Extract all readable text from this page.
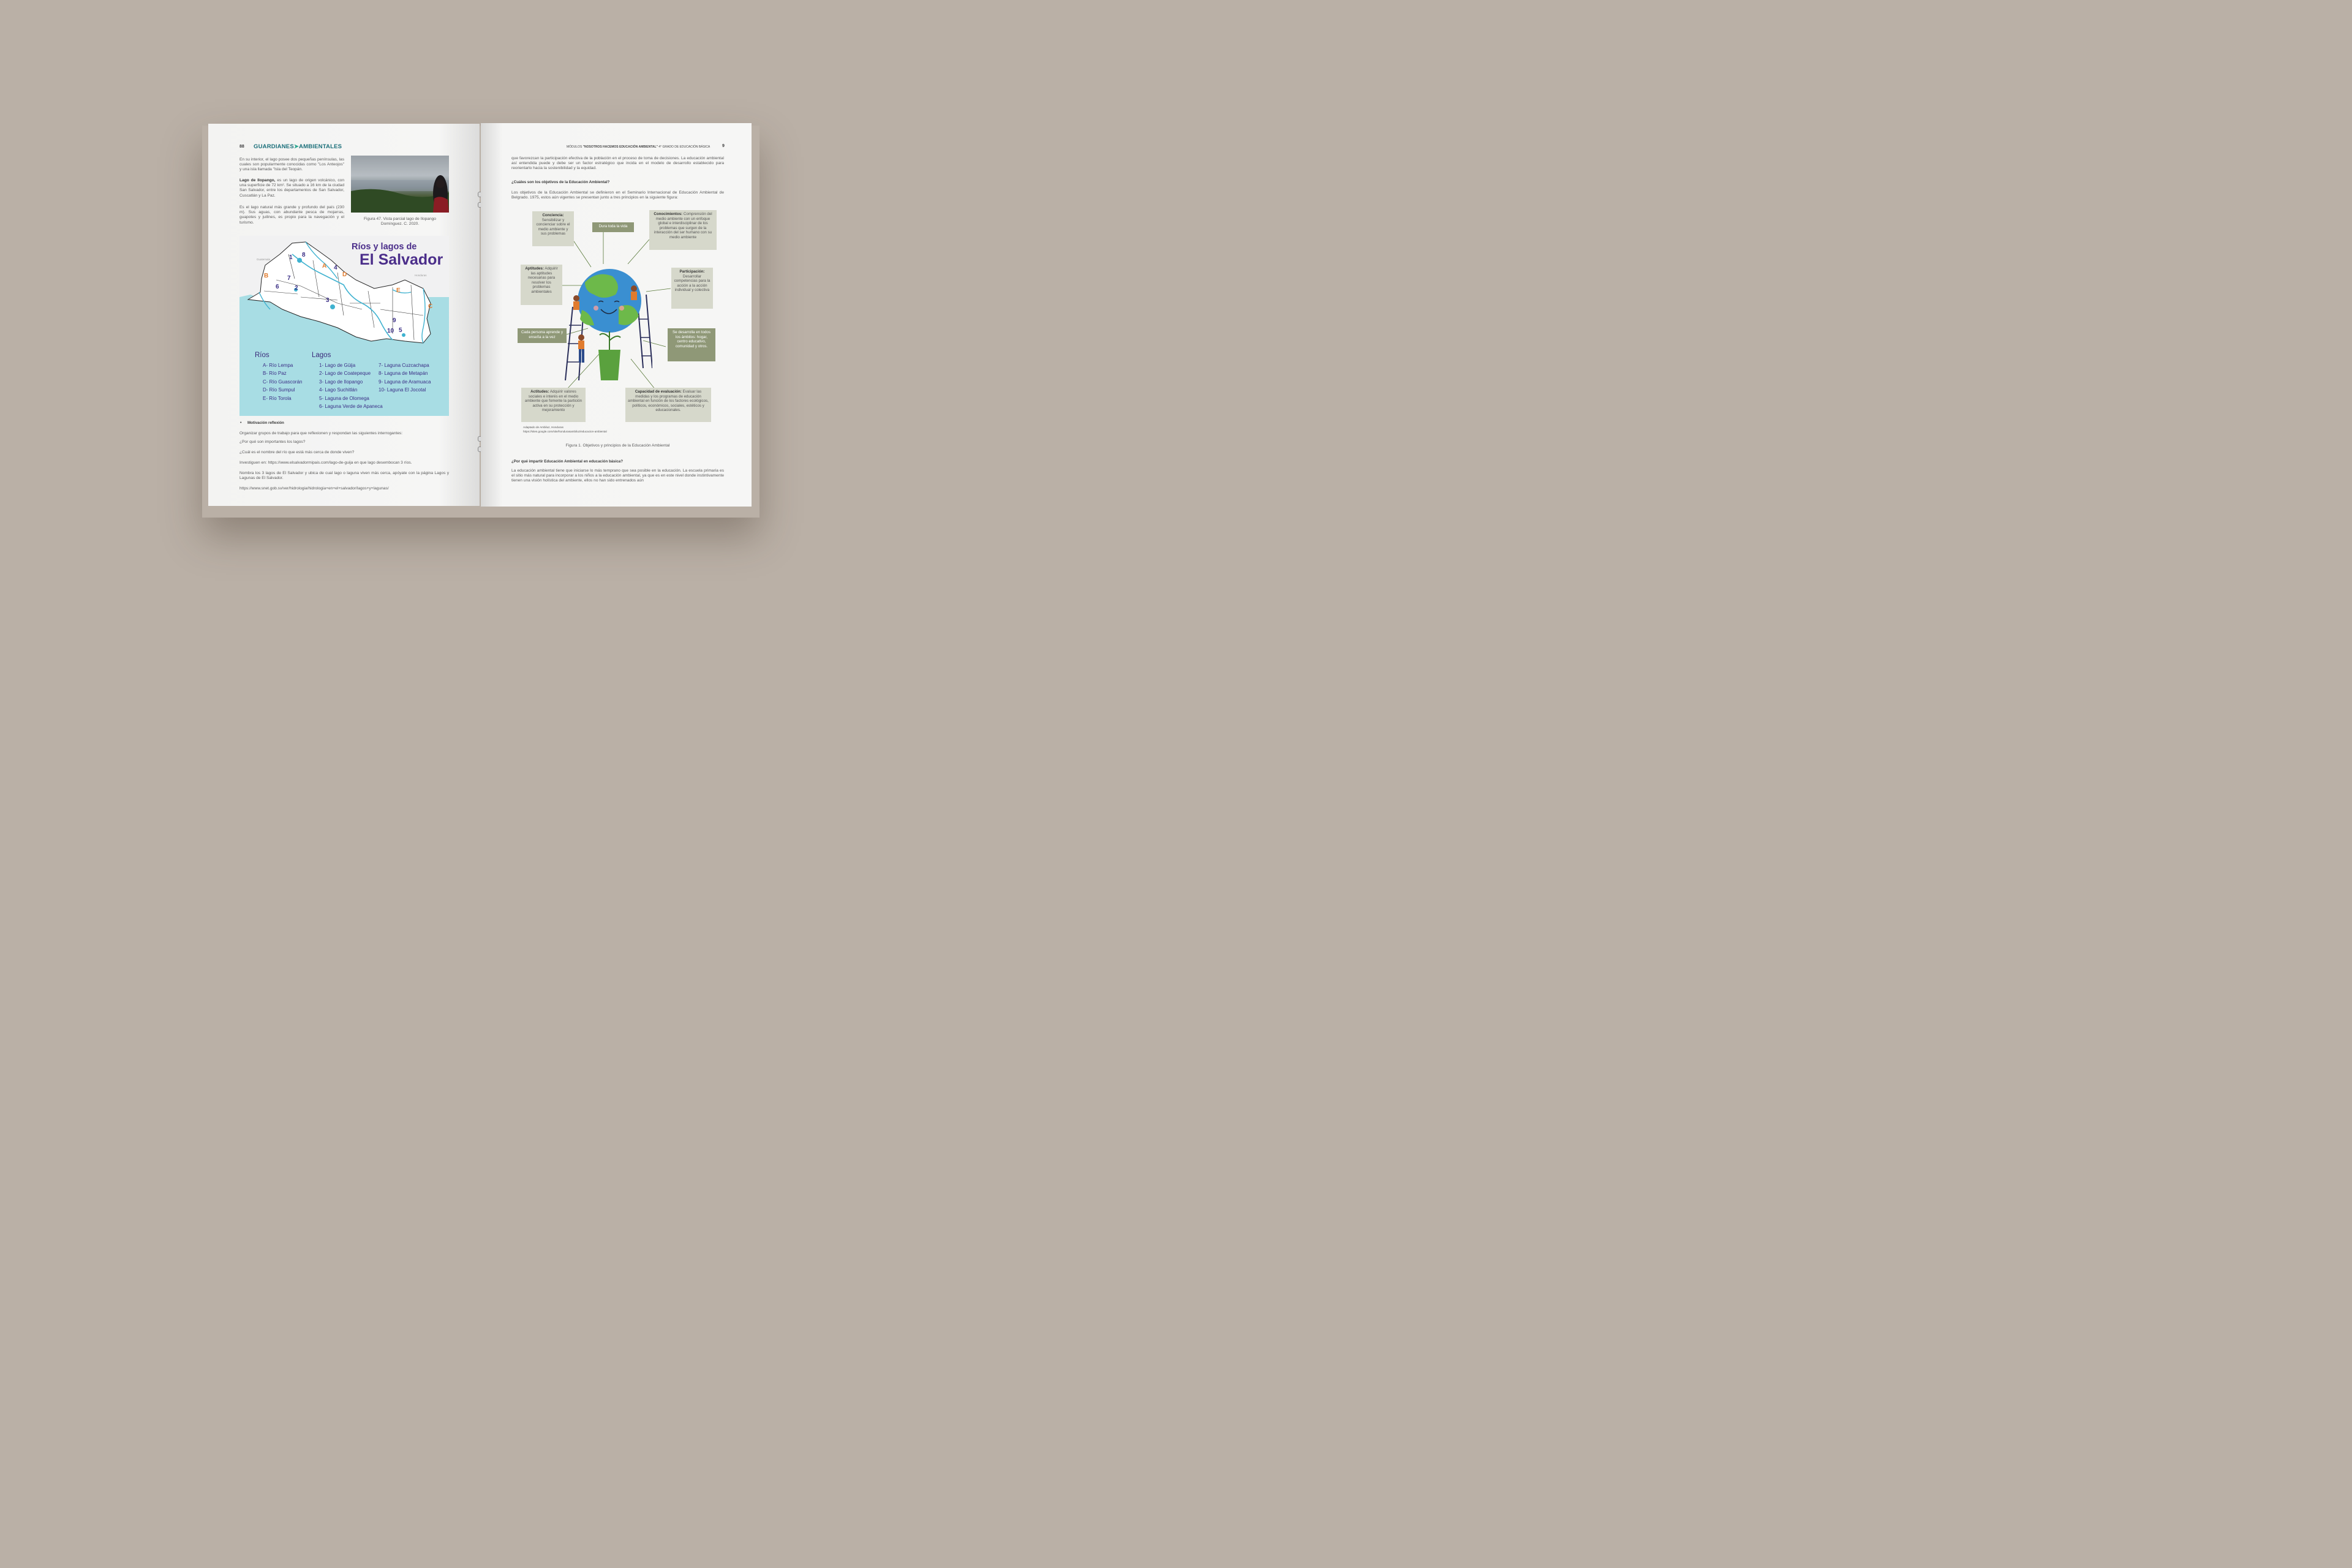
88 GUARDIANES➤AMBIENTALES
En su interior, el lago posee dos pequeñas penínsulas, las cuales son popularmente conocidas como "Los Anteojos" y una isla llamada "Isla del Teopán.
Lago de Ilopango, es un lago de origen volcánico, con una superficie de 72 km². Se situado a 16 km de la ciudad San Salvador, entre los departamentos de San Salvador, Cuscatlán y La Paz.
Es el lago natural más grande y profundo del país (230 m). Sus aguas, con abundante pesca de mojarras, guapotes y juilines, es propio para la navegación y el turismo.
Figura 47. Vista parcial lago de Ilopango Domínguez. C. 2020.
Guatemala
Honduras
Ríos y lagos de
El Salvador
1 8
4
7
6	2
3
9
10 5
A
D
B
E
C
Ríos
A- Río Lempa
B- Río Paz
C- Río Guascorán
D- Río Sumpul
E- Río Torola
Lagos
1- Lago de Güija
2- Lago de Coatepeque
3- Lago de Ilopango
4- Lago Suchitlán
5- Laguna de Olomega
6- Laguna Verde de Apaneca
7- Laguna Cuzcachapa
8- Laguna de Metapán
9- Laguna de Aramuaca
10- Laguna El Jocotal
• Motivación reflexión
Organizar grupos de trabajo para que reflexionen y respondan las siguientes interrogantes:
¿Por qué son importantes los lagos?
¿Cuál es el nombre del río que está más cerca de donde viven?
Investiguen en: https://www.elsalvadormipais.com/lago-de-guija en que lago desembocan 3 ríos.
Nombra los 3 lagos de El Salvador y ubica de cual lago o laguna viven más cerca, apóyate con la página Lagos y Lagunas de El Salvador.
https://www.snet.gob.sv/ver/hidrologia/hidrologia+en+el+salvador/lagos+y+lagunas/
MÓDULOS "NOSOTROS HACEMOS EDUCACIÓN AMBIENTAL" 4° GRADO DE EDUCACIÓN BÁSICA	9
que favorezcan la participación efectiva de la población en el proceso de toma de decisiones. La educación ambiental así entendida puede y debe ser un factor estratégico que incida en el modelo de desarrollo establecido para reorientarlo hacia la sostenibilidad y la equidad.
¿Cuáles son los objetivos de la Educación Ambiental?
Los objetivos de la Educación Ambiental se definieron en el Seminario Internacional de Educación Ambiental de Belgrado. 1975, estos aún vigentes se presentan junto a tres principios en la siguiente figura:
Conciencia:
Sensibilizar y concienciar sobre el medio ambiente y sus problemas
Dura toda la vida
Conocimientos: Comprensión del medio ambiente con un enfoque global e interdisciplinar de los problemas que surgen de la interacción del ser humano con su medio ambiente
Aptitudes: Adquirir las aptitudes necesarias para resolver los problemas ambientales
Participación:
Desarrollar competencias para la acción a la acción individual y colectiva
Cada persona aprende y enseña a la vez
Se desarrolla en todos los ámbitos: hogar, centro educativo, comunidad y otros.
Actitudes: Adquirir valores sociales e interés en el medio ambiente que fomente la partición activa en su protección y mejoramiento
Capacidad de evaluación: Evaluar las medidas y los programas de educación ambiental en función de los factores ecológicos, políticos, económicos, sociales, estéticos y educacionales.
Adaptado de Ambiluz, Honduras
https://sites.google.com/site/hondurasambiluz/educacion-ambiental
Figura 1. Objetivos y principios de la Educación Ambiental
¿Por qué impartir Educación Ambiental en educación básica?
La educación ambiental tiene que iniciarse lo más temprano que sea posible en la educación. La escuela primaria es el sitio más natural para incorporar a los niños a la educación ambiental, ya que es en este nivel donde instintivamente tienen una visión holística del ambiente, ellos no han sido entrenados aún
